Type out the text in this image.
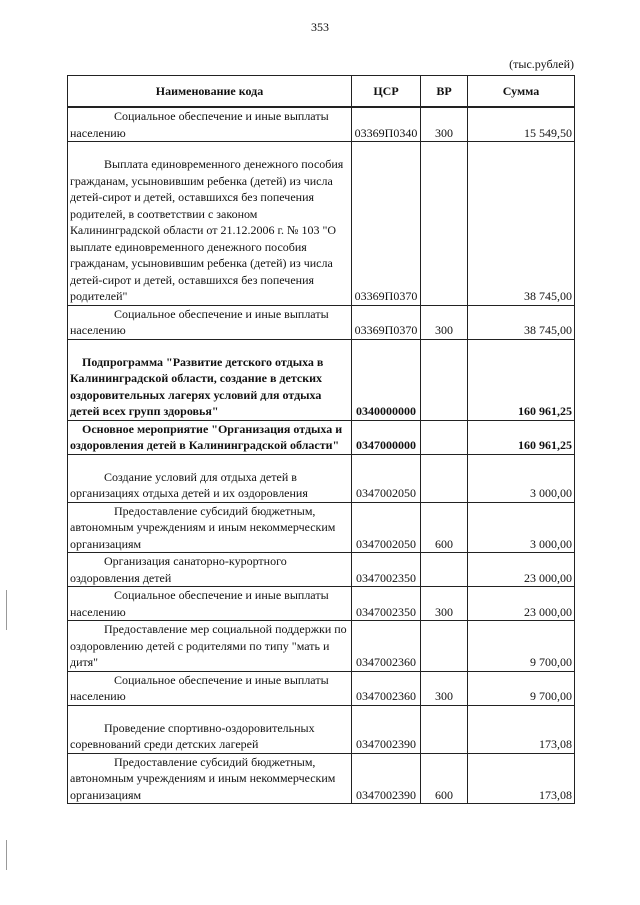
353
(тыс.рублей)
Наименование кода	ЦСР	ВР	Сумма
Социальное обеспечение и иные выплаты населению	03369П0340	300	15 549,50
Выплата единовременного денежного пособия гражданам, усыновившим ребенка (детей) из числа детей-сирот и детей, оставшихся без попечения родителей, в соответствии с законом Калининградской области от 21.12.2006 г. № 103 "О выплате единовременного денежного пособия гражданам, усыновившим ребенка (детей) из числа детей-сирот и детей, оставшихся без попечения родителей"	03369П0370		38 745,00
Социальное обеспечение и иные выплаты населению	03369П0370	300	38 745,00
Подпрограмма "Развитие детского отдыха в Калининградской области, создание в детских оздоровительных лагерях условий для отдыха детей всех групп здоровья"	0340000000		160 961,25
Основное мероприятие "Организация отдыха и оздоровления детей в Калининградской области"	0347000000		160 961,25
Создание условий для отдыха детей в организациях отдыха детей и их оздоровления	0347002050		3 000,00
Предоставление субсидий бюджетным, автономным учреждениям и иным некоммерческим организациям	0347002050	600	3 000,00
Организация санаторно-курортного оздоровления детей	0347002350		23 000,00
Социальное обеспечение и иные выплаты населению	0347002350	300	23 000,00
Предоставление мер социальной поддержки по оздоровлению детей с родителями по типу "мать и дитя"	0347002360		9 700,00
Социальное обеспечение и иные выплаты населению	0347002360	300	9 700,00
Проведение спортивно-оздоровительных соревнований среди детских лагерей	0347002390		173,08
Предоставление субсидий бюджетным, автономным учреждениям и иным некоммерческим организациям	0347002390	600	173,08
